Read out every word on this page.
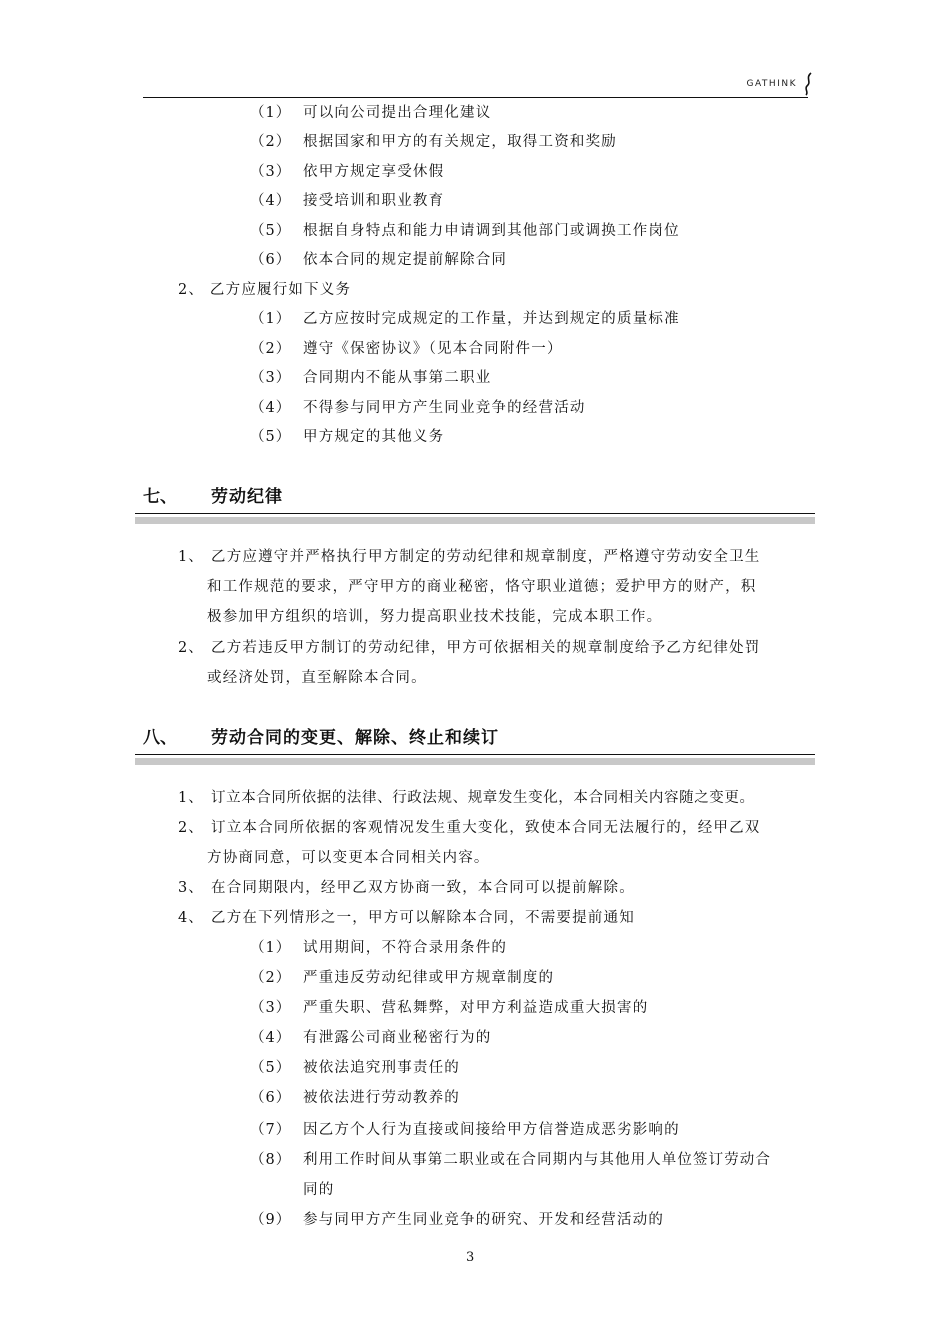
GATHINK
（1） 可以向公司提出合理化建议
（2） 根据国家和甲方的有关规定，取得工资和奖励
（3） 依甲方规定享受休假
（4） 接受培训和职业教育
（5） 根据自身特点和能力申请调到其他部门或调换工作岗位
（6） 依本合同的规定提前解除合同
2、 乙方应履行如下义务
（1） 乙方应按时完成规定的工作量，并达到规定的质量标准
（2） 遵守《保密协议》（见本合同附件一）
（3） 合同期内不能从事第二职业
（4） 不得参与同甲方产生同业竞争的经营活动
（5） 甲方规定的其他义务
七、 劳动纪律
1、 乙方应遵守并严格执行甲方制定的劳动纪律和规章制度，严格遵守劳动安全卫生
和工作规范的要求，严守甲方的商业秘密，恪守职业道德；爱护甲方的财产，积
极参加甲方组织的培训，努力提高职业技术技能，完成本职工作。
2、 乙方若违反甲方制订的劳动纪律，甲方可依据相关的规章制度给予乙方纪律处罚
或经济处罚，直至解除本合同。
八、 劳动合同的变更、解除、终止和续订
1、 订立本合同所依据的法律、行政法规、规章发生变化，本合同相关内容随之变更。
2、 订立本合同所依据的客观情况发生重大变化，致使本合同无法履行的，经甲乙双
方协商同意，可以变更本合同相关内容。
3、 在合同期限内，经甲乙双方协商一致，本合同可以提前解除。
4、 乙方在下列情形之一，甲方可以解除本合同，不需要提前通知
（1） 试用期间，不符合录用条件的
（2） 严重违反劳动纪律或甲方规章制度的
（3） 严重失职、营私舞弊，对甲方利益造成重大损害的
（4） 有泄露公司商业秘密行为的
（5） 被依法追究刑事责任的
（6） 被依法进行劳动教养的
（7） 因乙方个人行为直接或间接给甲方信誉造成恶劣影响的
（8） 利用工作时间从事第二职业或在合同期内与其他用人单位签订劳动合
同的
（9） 参与同甲方产生同业竞争的研究、开发和经营活动的
3
